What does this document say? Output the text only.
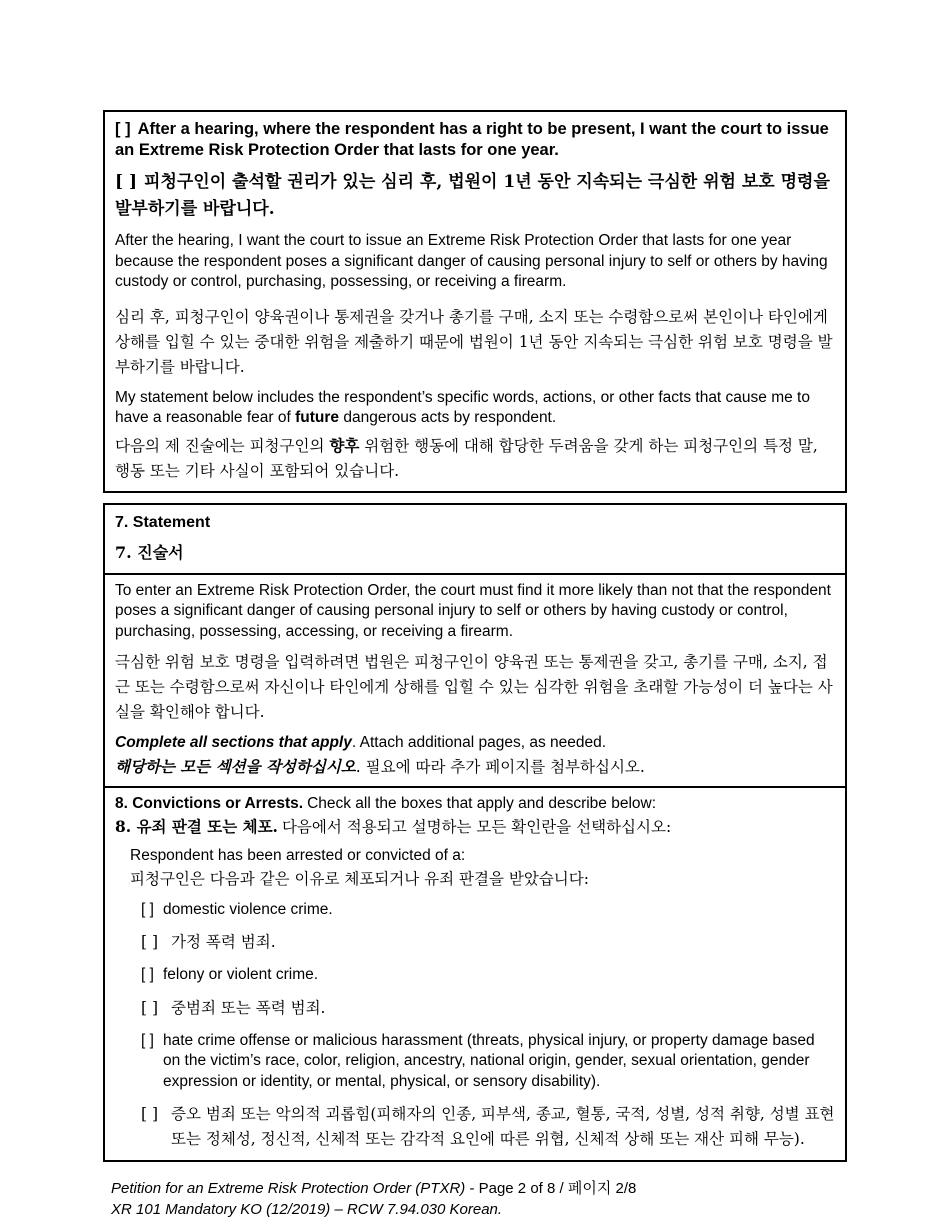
[ ] After a hearing, where the respondent has a right to be present, I want the court to issue an Extreme Risk Protection Order that lasts for one year.

[ ] 피청구인이 출석할 권리가 있는 심리 후, 법원이 1년 동안 지속되는 극심한 위험 보호 명령을 발부하기를 바랍니다.

After the hearing, I want the court to issue an Extreme Risk Protection Order that lasts for one year because the respondent poses a significant danger of causing personal injury to self or others by having custody or control, purchasing, possessing, or receiving a firearm.

심리 후, 피청구인이 양육권이나 통제권을 갖거나 총기를 구매, 소지 또는 수령함으로써 본인이나 타인에게 상해를 입힐 수 있는 중대한 위험을 제출하기 때문에 법원이 1년 동안 지속되는 극심한 위험 보호 명령을 발부하기를 바랍니다.

My statement below includes the respondent’s specific words, actions, or other facts that cause me to have a reasonable fear of future dangerous acts by respondent.

다음의 제 진술에는 피청구인의 향후 위험한 행동에 대해 합당한 두려움을 갖게 하는 피청구인의 특정 말, 행동 또는 기타 사실이 포함되어 있습니다.

7. Statement

7. 진술서

To enter an Extreme Risk Protection Order, the court must find it more likely than not that the respondent poses a significant danger of causing personal injury to self or others by having custody or control, purchasing, possessing, accessing, or receiving a firearm.

극심한 위험 보호 명령을 입력하려면 법원은 피청구인이 양육권 또는 통제권을 갖고, 총기를 구매, 소지, 접근 또는 수령함으로써 자신이나 타인에게 상해를 입힐 수 있는 심각한 위험을 초래할 가능성이 더 높다는 사실을 확인해야 합니다.

Complete all sections that apply. Attach additional pages, as needed.

해당하는 모든 섹션을 작성하십시오. 필요에 따라 추가 페이지를 첨부하십시오.

8. Convictions or Arrests. Check all the boxes that apply and describe below:

8. 유죄 판결 또는 체포. 다음에서 적용되고 설명하는 모든 확인란을 선택하십시오:

Respondent has been arrested or convicted of a:

피청구인은 다음과 같은 이유로 체포되거나 유죄 판결을 받았습니다:

[ ] domestic violence crime.
[ ] 가정 폭력 범죄.
[ ] felony or violent crime.
[ ] 중범죄 또는 폭력 범죄.
[ ] hate crime offense or malicious harassment (threats, physical injury, or property damage based on the victim’s race, color, religion, ancestry, national origin, gender, sexual orientation, gender expression or identity, or mental, physical, or sensory disability).
[ ] 증오 범죄 또는 악의적 괴롭힘(피해자의 인종, 피부색, 종교, 혈통, 국적, 성별, 성적 취향, 성별 표현 또는 정체성, 정신적, 신체적 또는 감각적 요인에 따른 위협, 신체적 상해 또는 재산 피해 무능).
Petition for an Extreme Risk Protection Order (PTXR) - Page 2 of 8 / 페이지 2/8
XR 101 Mandatory KO (12/2019) – RCW 7.94.030 Korean.
